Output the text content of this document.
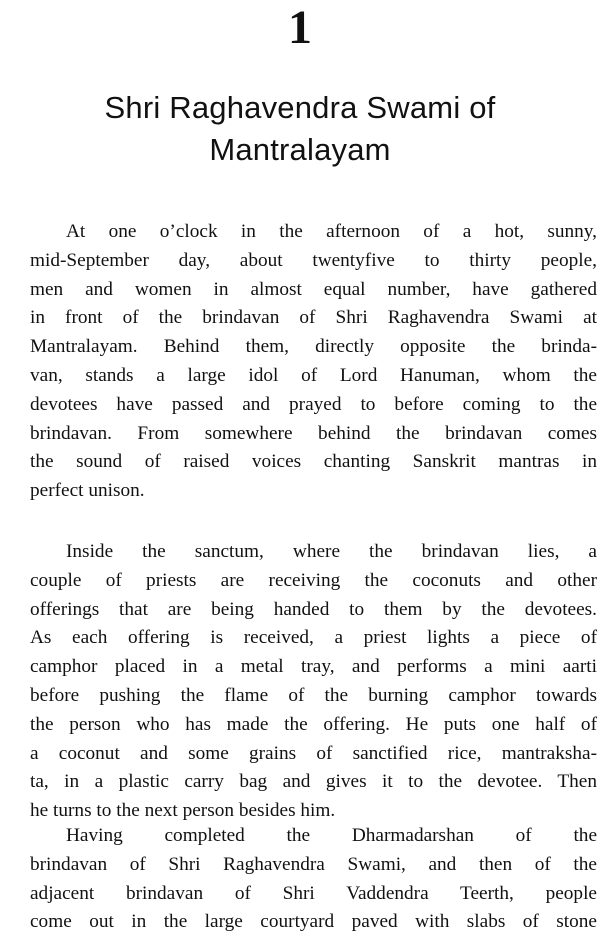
1
Shri Raghavendra Swami of
Mantralayam
At one o’clock in the afternoon of a hot, sunny,
mid-September day, about twentyfive to thirty people,
men and women in almost equal number, have gathered
in front of the brindavan of Shri Raghavendra Swami at
Mantralayam. Behind them, directly opposite the brinda-
van, stands a large idol of Lord Hanuman, whom the
devotees have passed and prayed to before coming to the
brindavan. From somewhere behind the brindavan comes
the sound of raised voices chanting Sanskrit mantras in
perfect unison.
Inside the sanctum, where the brindavan lies, a
couple of priests are receiving the coconuts and other
offerings that are being handed to them by the devotees.
As each offering is received, a priest lights a piece of
camphor placed in a metal tray, and performs a mini aarti
before pushing the flame of the burning camphor towards
the person who has made the offering. He puts one half of
a coconut and some grains of sanctified rice, mantraksha-
ta, in a plastic carry bag and gives it to the devotee. Then
he turns to the next person besides him.
Having completed the Dharmadarshan of the
brindavan of Shri Raghavendra Swami, and then of the
adjacent brindavan of Shri Vaddendra Teerth, people
come out in the large courtyard paved with slabs of stone
